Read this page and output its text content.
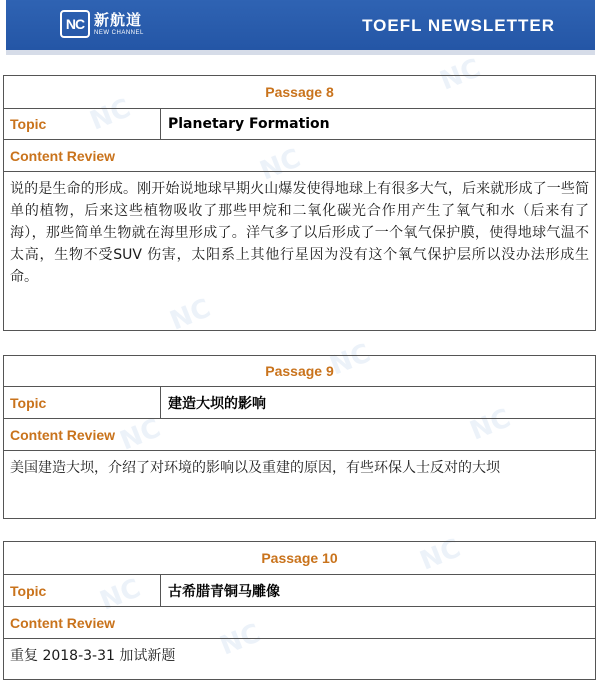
NC 新航道
NEW CHANNEL	TOEFL NEWSLETTER
NC
NC
NC
NC
NC
NC	NC
NC
NC
NC
Passage 8
Topic	Planetary Formation
Content Review
说的是生命的形成。刚开始说地球早期火山爆发使得地球上有很多大气，后来就形成了一些简单的植物，后来这些植物吸收了那些甲烷和二氧化碳光合作用产生了氧气和水（后来有了海），那些简单生物就在海里形成了。洋气多了以后形成了一个氧气保护膜，使得地球气温不太高，生物不受SUV 伤害，太阳系上其他行星因为没有这个氧气保护层所以没办法形成生命。
Passage 9
Topic	建造大坝的影响
Content Review
美国建造大坝，介绍了对环境的影响以及重建的原因，有些环保人士反对的大坝
Passage 10
Topic	古希腊青铜马雕像
Content Review
重复 2018-3-31 加试新题
